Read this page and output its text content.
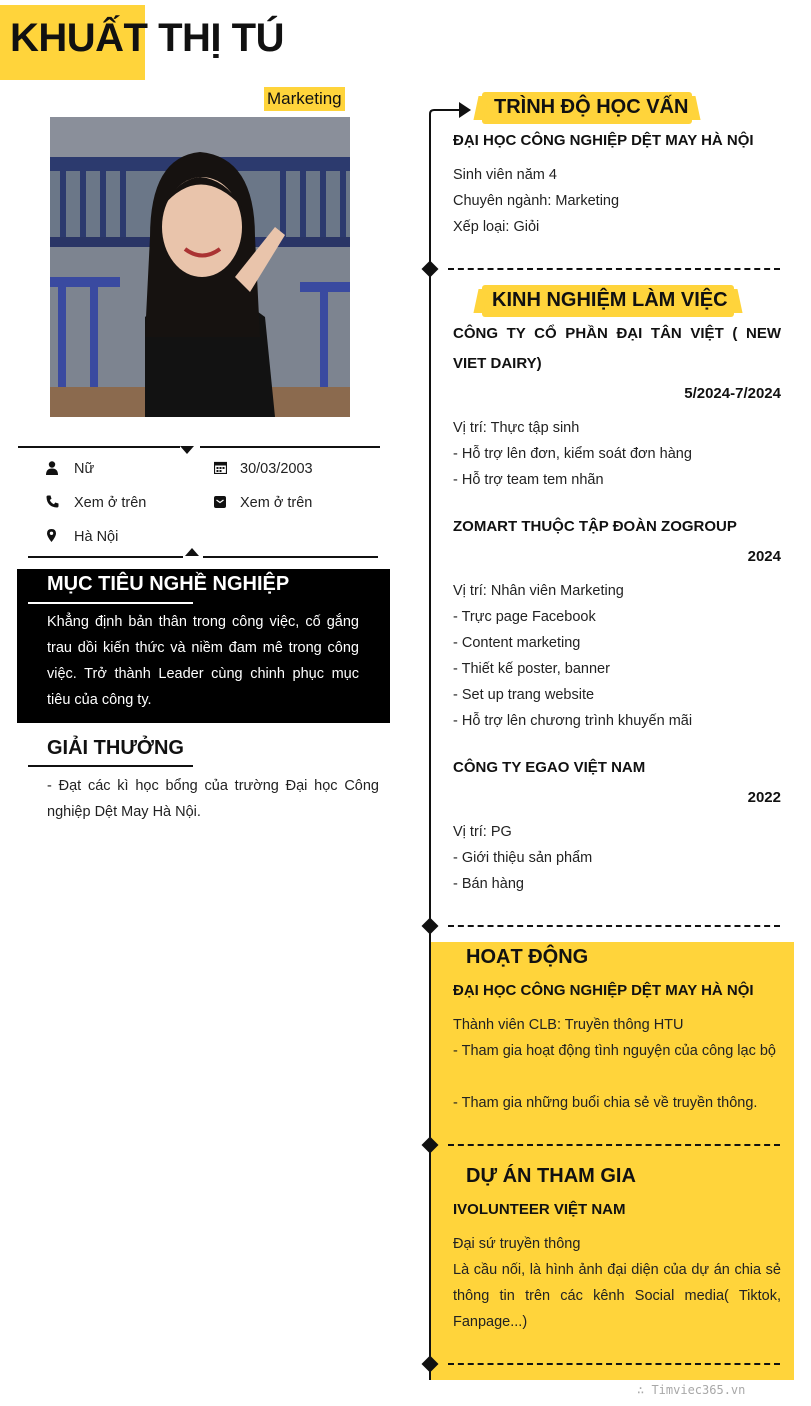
KHUẤT THỊ TÚ
Marketing
Nữ	30/03/2003
Xem ở trên	Xem ở trên
Hà Nội
MỤC TIÊU NGHỀ NGHIỆP
Khẳng định bản thân trong công việc, cố gắng trau dồi kiến thức và niềm đam mê trong công việc. Trở thành Leader cùng chinh phục mục tiêu của công ty.
GIẢI THƯỞNG
- Đạt các kì học bổng của trường Đại học Công nghiệp Dệt May Hà Nội.
TRÌNH ĐỘ HỌC VẤN
ĐẠI HỌC CÔNG NGHIỆP DỆT MAY HÀ NỘI
Sinh viên năm 4
Chuyên ngành: Marketing
Xếp loại: Giỏi
KINH NGHIỆM LÀM VIỆC
CÔNG TY CỔ PHẦN ĐẠI TÂN VIỆT ( NEW VIET DAIRY)
5/2024-7/2024
Vị trí: Thực tập sinh
- Hỗ trợ lên đơn, kiểm soát đơn hàng
- Hỗ trợ team tem nhãn
ZOMART THUỘC TẬP ĐOÀN ZOGROUP
2024
Vị trí: Nhân viên Marketing
- Trực page Facebook
- Content marketing
- Thiết kế poster, banner
- Set up trang website
- Hỗ trợ lên chương trình khuyến mãi
CÔNG TY EGAO VIỆT NAM
2022
Vị trí: PG
- Giới thiệu sản phẩm
- Bán hàng
HOẠT ĐỘNG
ĐẠI HỌC CÔNG NGHIỆP DỆT MAY HÀ NỘI
Thành viên CLB: Truyền thông HTU
- Tham gia hoạt động tình nguyện của công lạc bộ
- Tham gia những buổi chia sẻ về truyền thông.
DỰ ÁN THAM GIA
IVOLUNTEER VIỆT NAM
Đại sứ truyền thông
Là cầu nối, là hình ảnh đại diện của dự án chia sẻ thông tin trên các kênh Social media( Tiktok, Fanpage...)
∴ Timviec365.vn
